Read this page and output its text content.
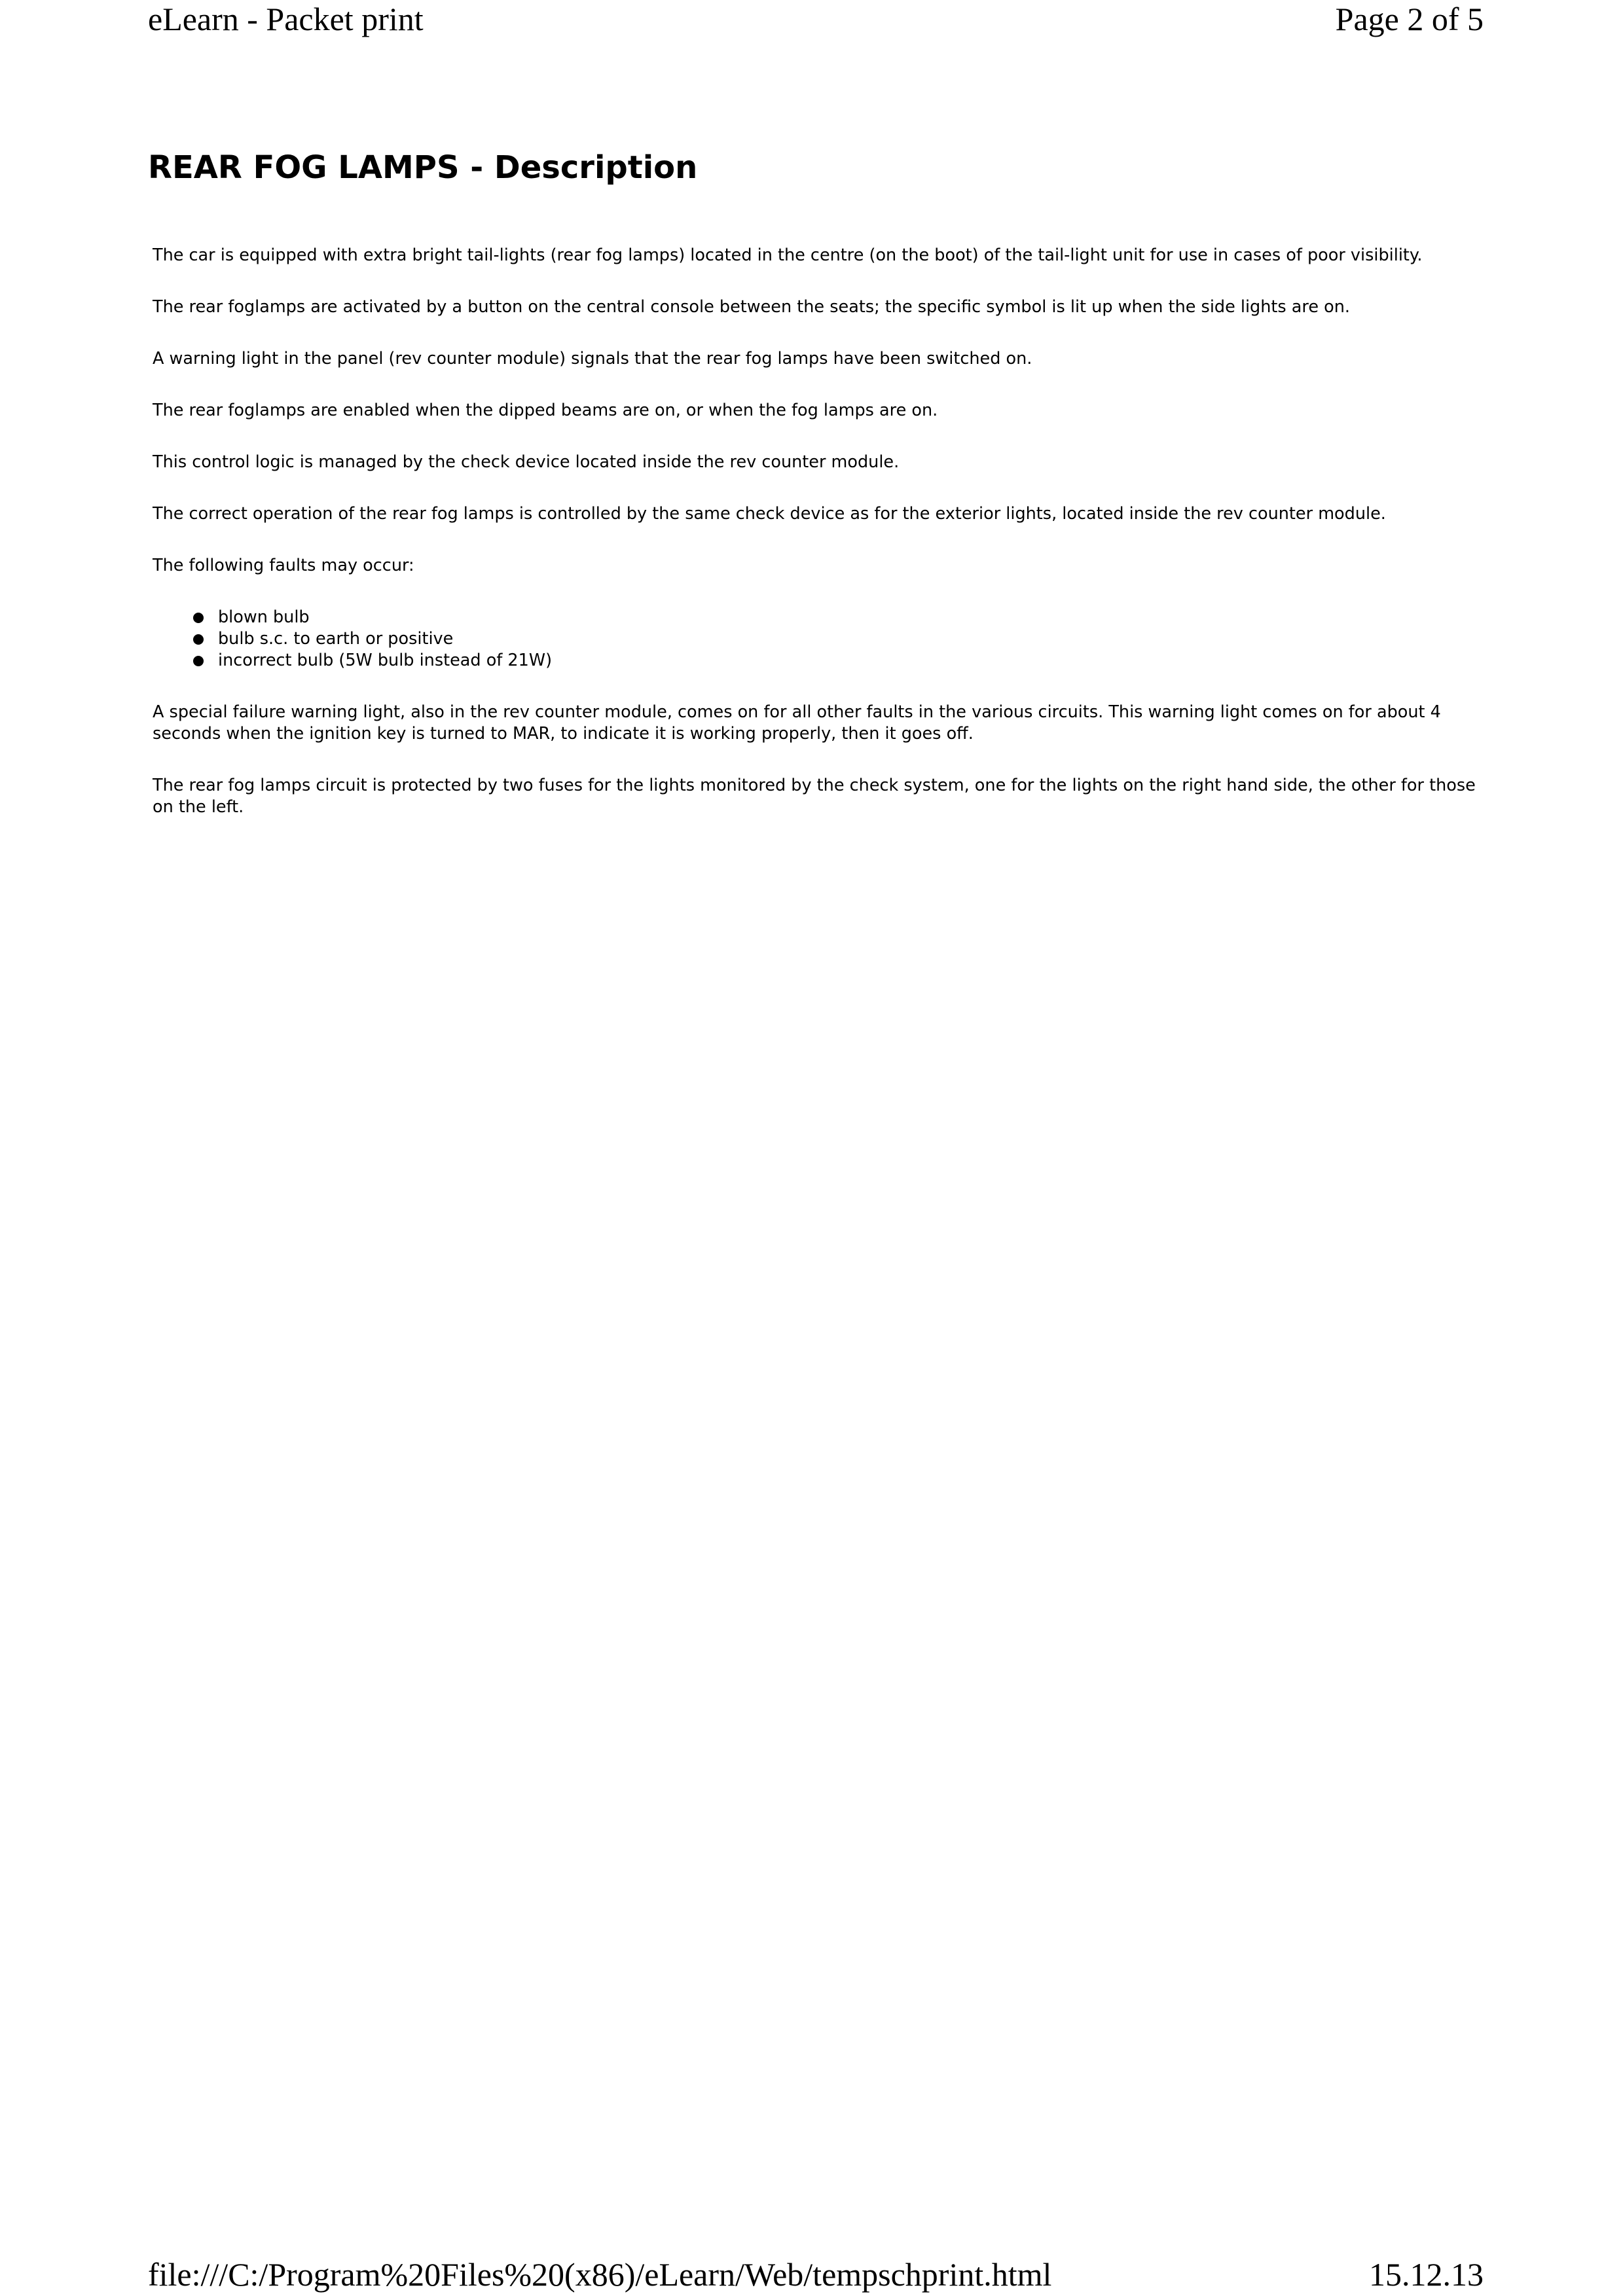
eLearn - Packet print	Page 2 of 5
REAR FOG LAMPS - Description

The car is equipped with extra bright tail-lights (rear fog lamps) located in the centre (on the boot) of the tail-light unit for use in cases of poor visibility.

The rear foglamps are activated by a button on the central console between the seats; the specific symbol is lit up when the side lights are on.

A warning light in the panel (rev counter module) signals that the rear fog lamps have been switched on.

The rear foglamps are enabled when the dipped beams are on, or when the fog lamps are on.

This control logic is managed by the check device located inside the rev counter module.

The correct operation of the rear fog lamps is controlled by the same check device as for the exterior lights, located inside the rev counter module.

The following faults may occur:

blown bulb
bulb s.c. to earth or positive
incorrect bulb (5W bulb instead of 21W)

A special failure warning light, also in the rev counter module, comes on for all other faults in the various circuits. This warning light comes on for about 4 seconds when the ignition key is turned to MAR, to indicate it is working properly, then it goes off.

The rear fog lamps circuit is protected by two fuses for the lights monitored by the check system, one for the lights on the right hand side, the other for those on the left.

file:///C:/Program%20Files%20(x86)/eLearn/Web/tempschprint.html	15.12.13
